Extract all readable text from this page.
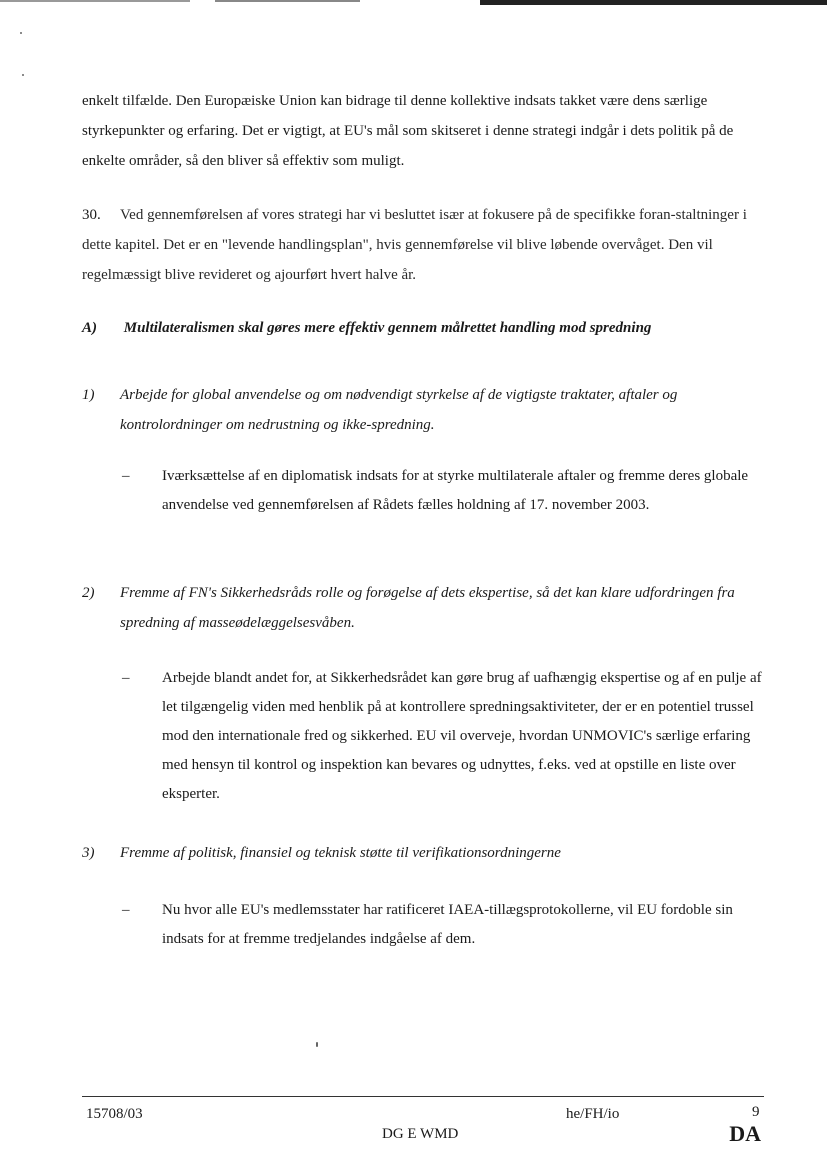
enkelt tilfælde. Den Europæiske Union kan bidrage til denne kollektive indsats takket være dens særlige styrkepunkter og erfaring. Det er vigtigt, at EU's mål som skitseret i denne strategi indgår i dets politik på de enkelte områder, så den bliver så effektiv som muligt.

30.	Ved gennemførelsen af vores strategi har vi besluttet især at fokusere på de specifikke foran-staltninger i dette kapitel. Det er en "levende handlingsplan", hvis gennemførelse vil blive løbende overvåget. Den vil regelmæssigt blive revideret og ajourført hvert halve år.

A) Multilateralismen skal gøres mere effektiv gennem målrettet handling mod spredning
1) Arbejde for global anvendelse og om nødvendigt styrkelse af de vigtigste traktater, aftaler og kontrolordninger om nedrustning og ikke-spredning.
– Iværksættelse af en diplomatisk indsats for at styrke multilaterale aftaler og fremme deres globale anvendelse ved gennemførelsen af Rådets fælles holdning af 17. november 2003.
2) Fremme af FN's Sikkerhedsråds rolle og forøgelse af dets ekspertise, så det kan klare udfordringen fra spredning af masseødelæggelsesvåben.
– Arbejde blandt andet for, at Sikkerhedsrådet kan gøre brug af uafhængig ekspertise og af en pulje af let tilgængelig viden med henblik på at kontrollere spredningsaktiviteter, der er en potentiel trussel mod den internationale fred og sikkerhed. EU vil overveje, hvordan UNMOVIC's særlige erfaring med hensyn til kontrol og inspektion kan bevares og udnyttes, f.eks. ved at opstille en liste over eksperter.
3) Fremme af politisk, finansiel og teknisk støtte til verifikationsordningerne
– Nu hvor alle EU's medlemsstater har ratificeret IAEA-tillægsprotokollerne, vil EU fordoble sin indsats for at fremme tredjelandes indgåelse af dem.
15708/03	he/FH/io	9
DG E WMD	DA
